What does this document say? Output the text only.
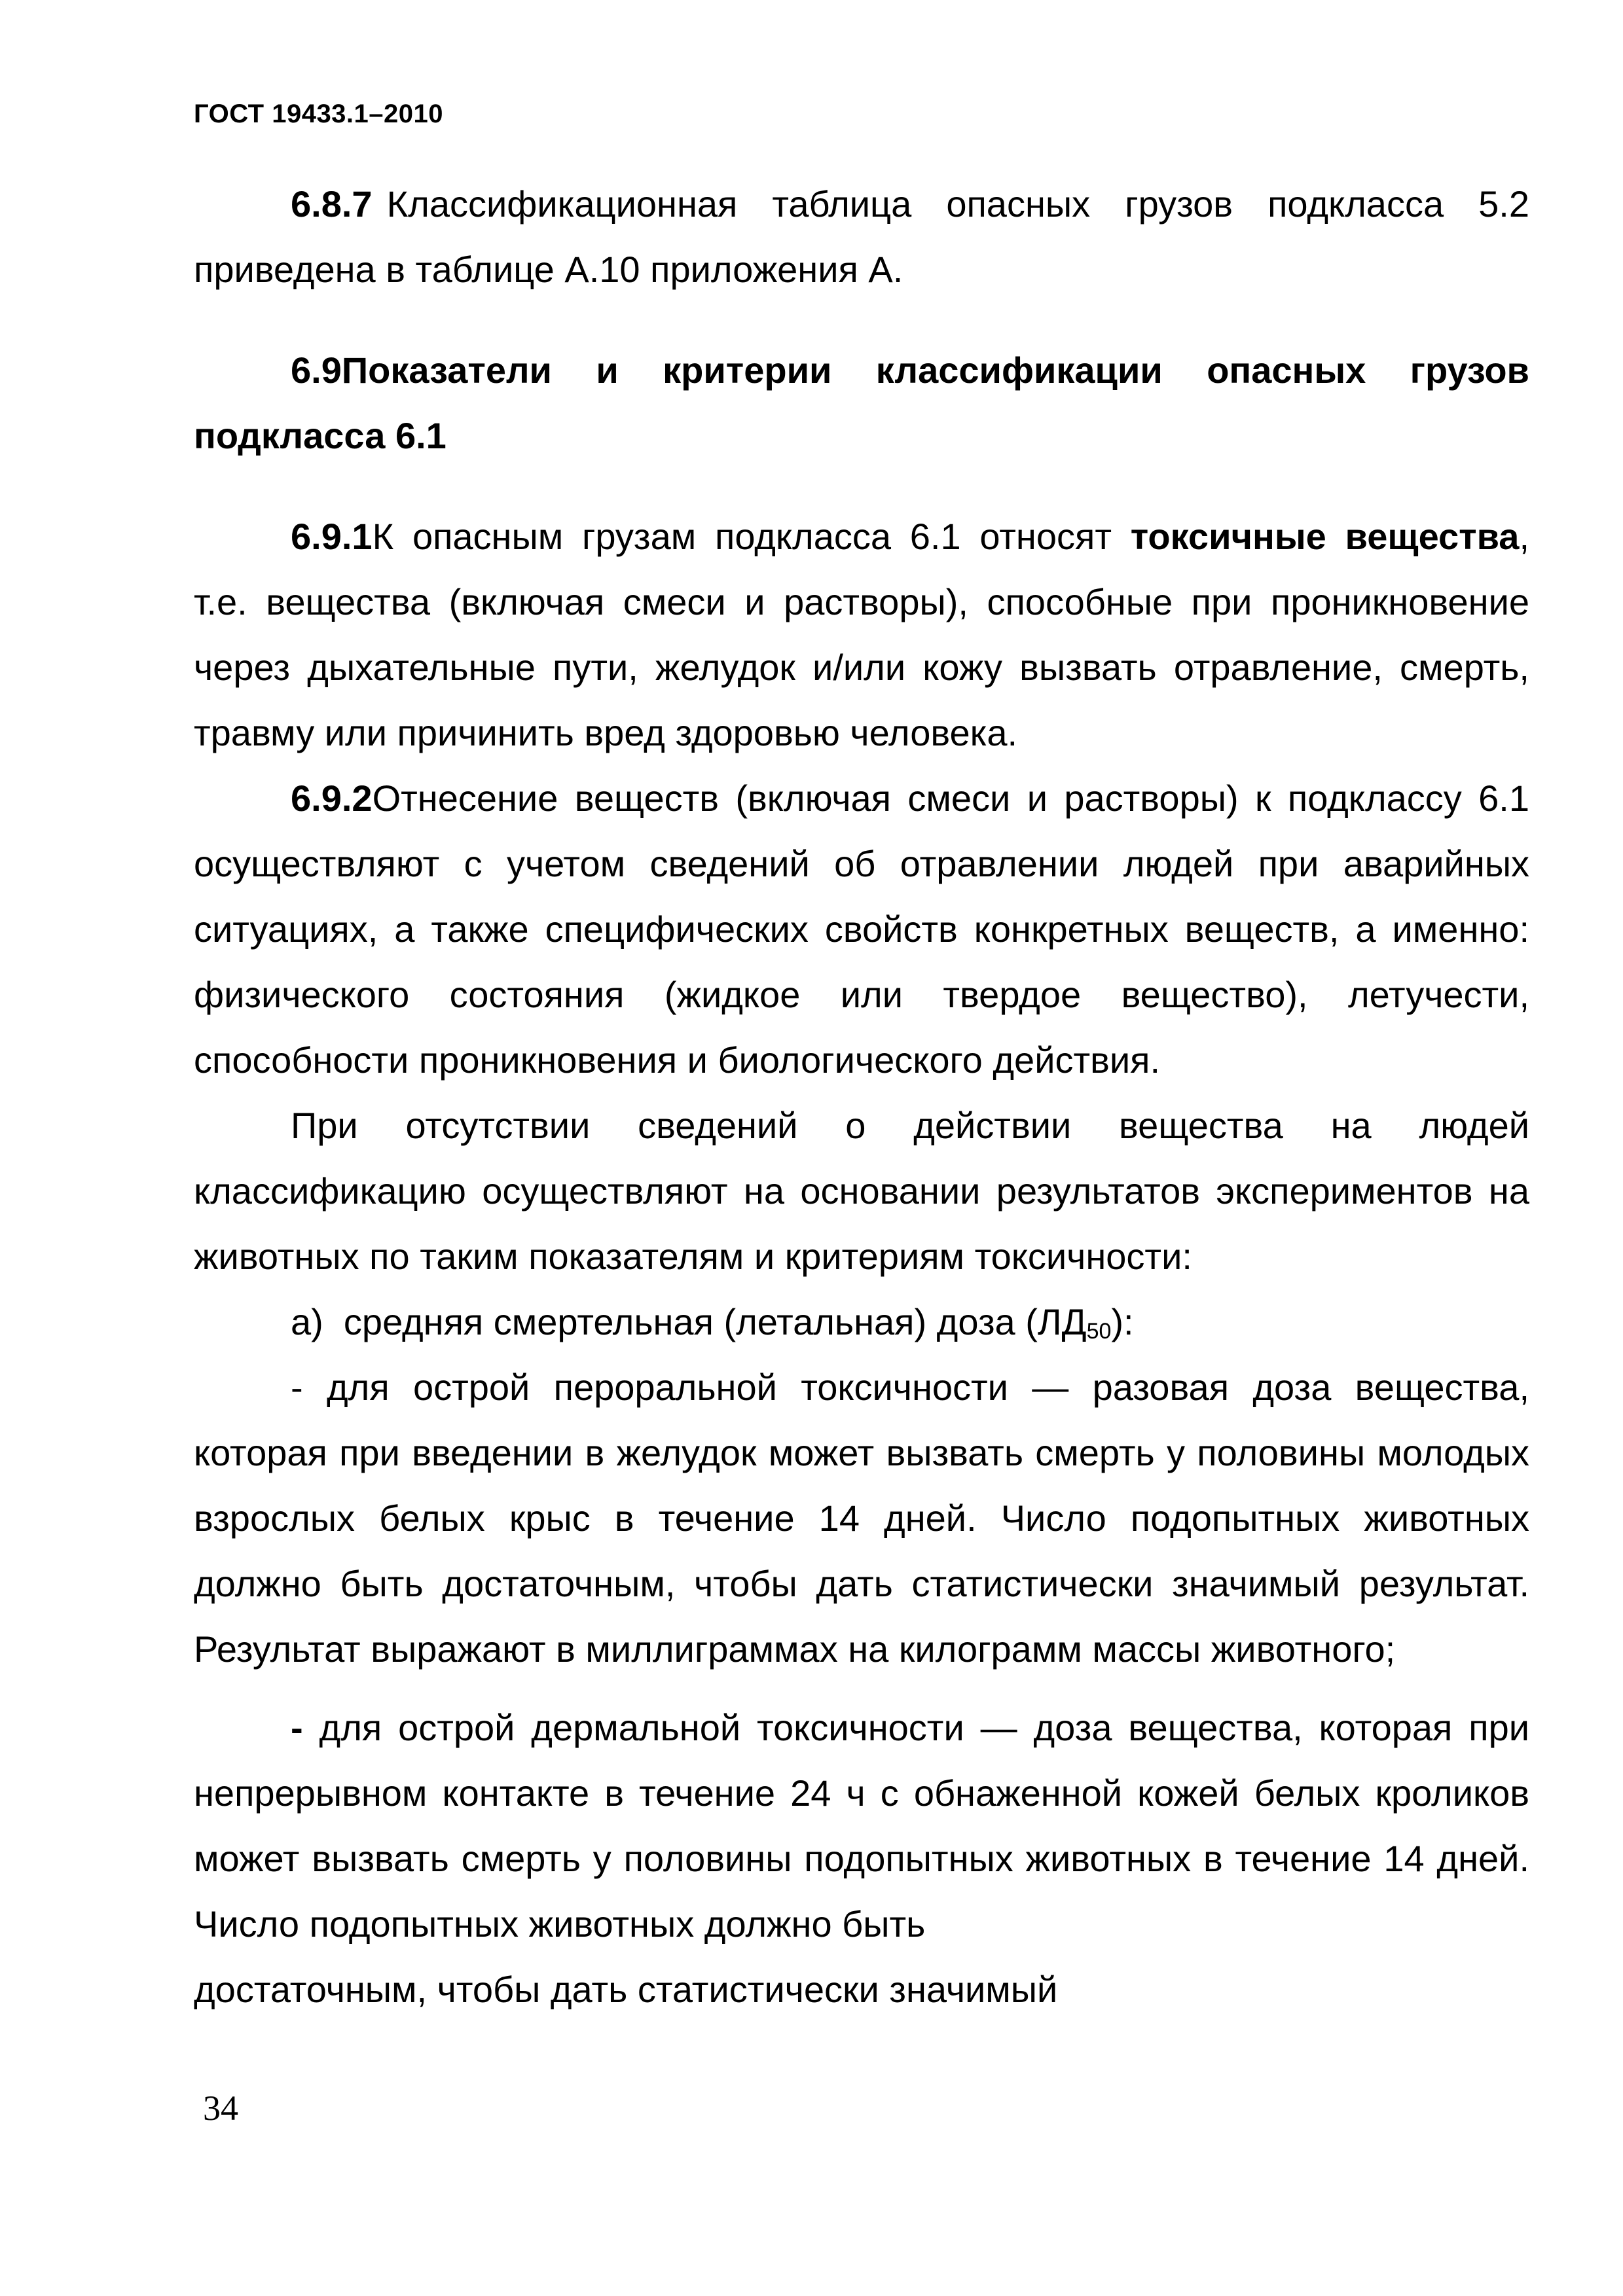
ГОСТ 19433.1–2010

6.8.7 Классификационная таблица опасных грузов подкласса 5.2 приведена в таблице А.10 приложения А.

6.9Показатели и критерии классификации опасных грузов
подкласса 6.1

6.9.1К опасным грузам подкласса 6.1 относят токсичные вещества, т.е. вещества (включая смеси и растворы), способные при проникновение через дыхательные пути, желудок и/или кожу вызвать отравление, смерть, травму или причинить вред здоровью человека.

6.9.2Отнесение веществ (включая смеси и растворы) к подклассу 6.1 осуществляют с учетом сведений об отравлении людей при аварийных ситуациях, а также специфических свойств конкретных веществ, а именно: физического состояния (жидкое или твердое вещество), летучести, способности проникновения и биологического действия.

При отсутствии сведений о действии вещества на людей классификацию осуществляют на основании результатов экспериментов на животных по таким показателям и критериям токсичности:

а) средняя смертельная (летальная) доза $(ЛД_{50})$:

- для острой пероральной токсичности — разовая доза вещества, которая при введении в желудок может вызвать смерть у половины молодых взрослых белых крыс в течение 14 дней. Число подопытных животных должно быть достаточным, чтобы дать статистически значимый результат. Результат выражают в миллиграммах на килограмм массы животного;

- для острой дермальной токсичности — доза вещества, которая при непрерывном контакте в течение 24 ч с обнаженной кожей белых кроликов может вызвать смерть у половины подопытных животных в течение 14 дней. Число подопытных животных должно быть

достаточным, чтобы дать статистически значимый

34
